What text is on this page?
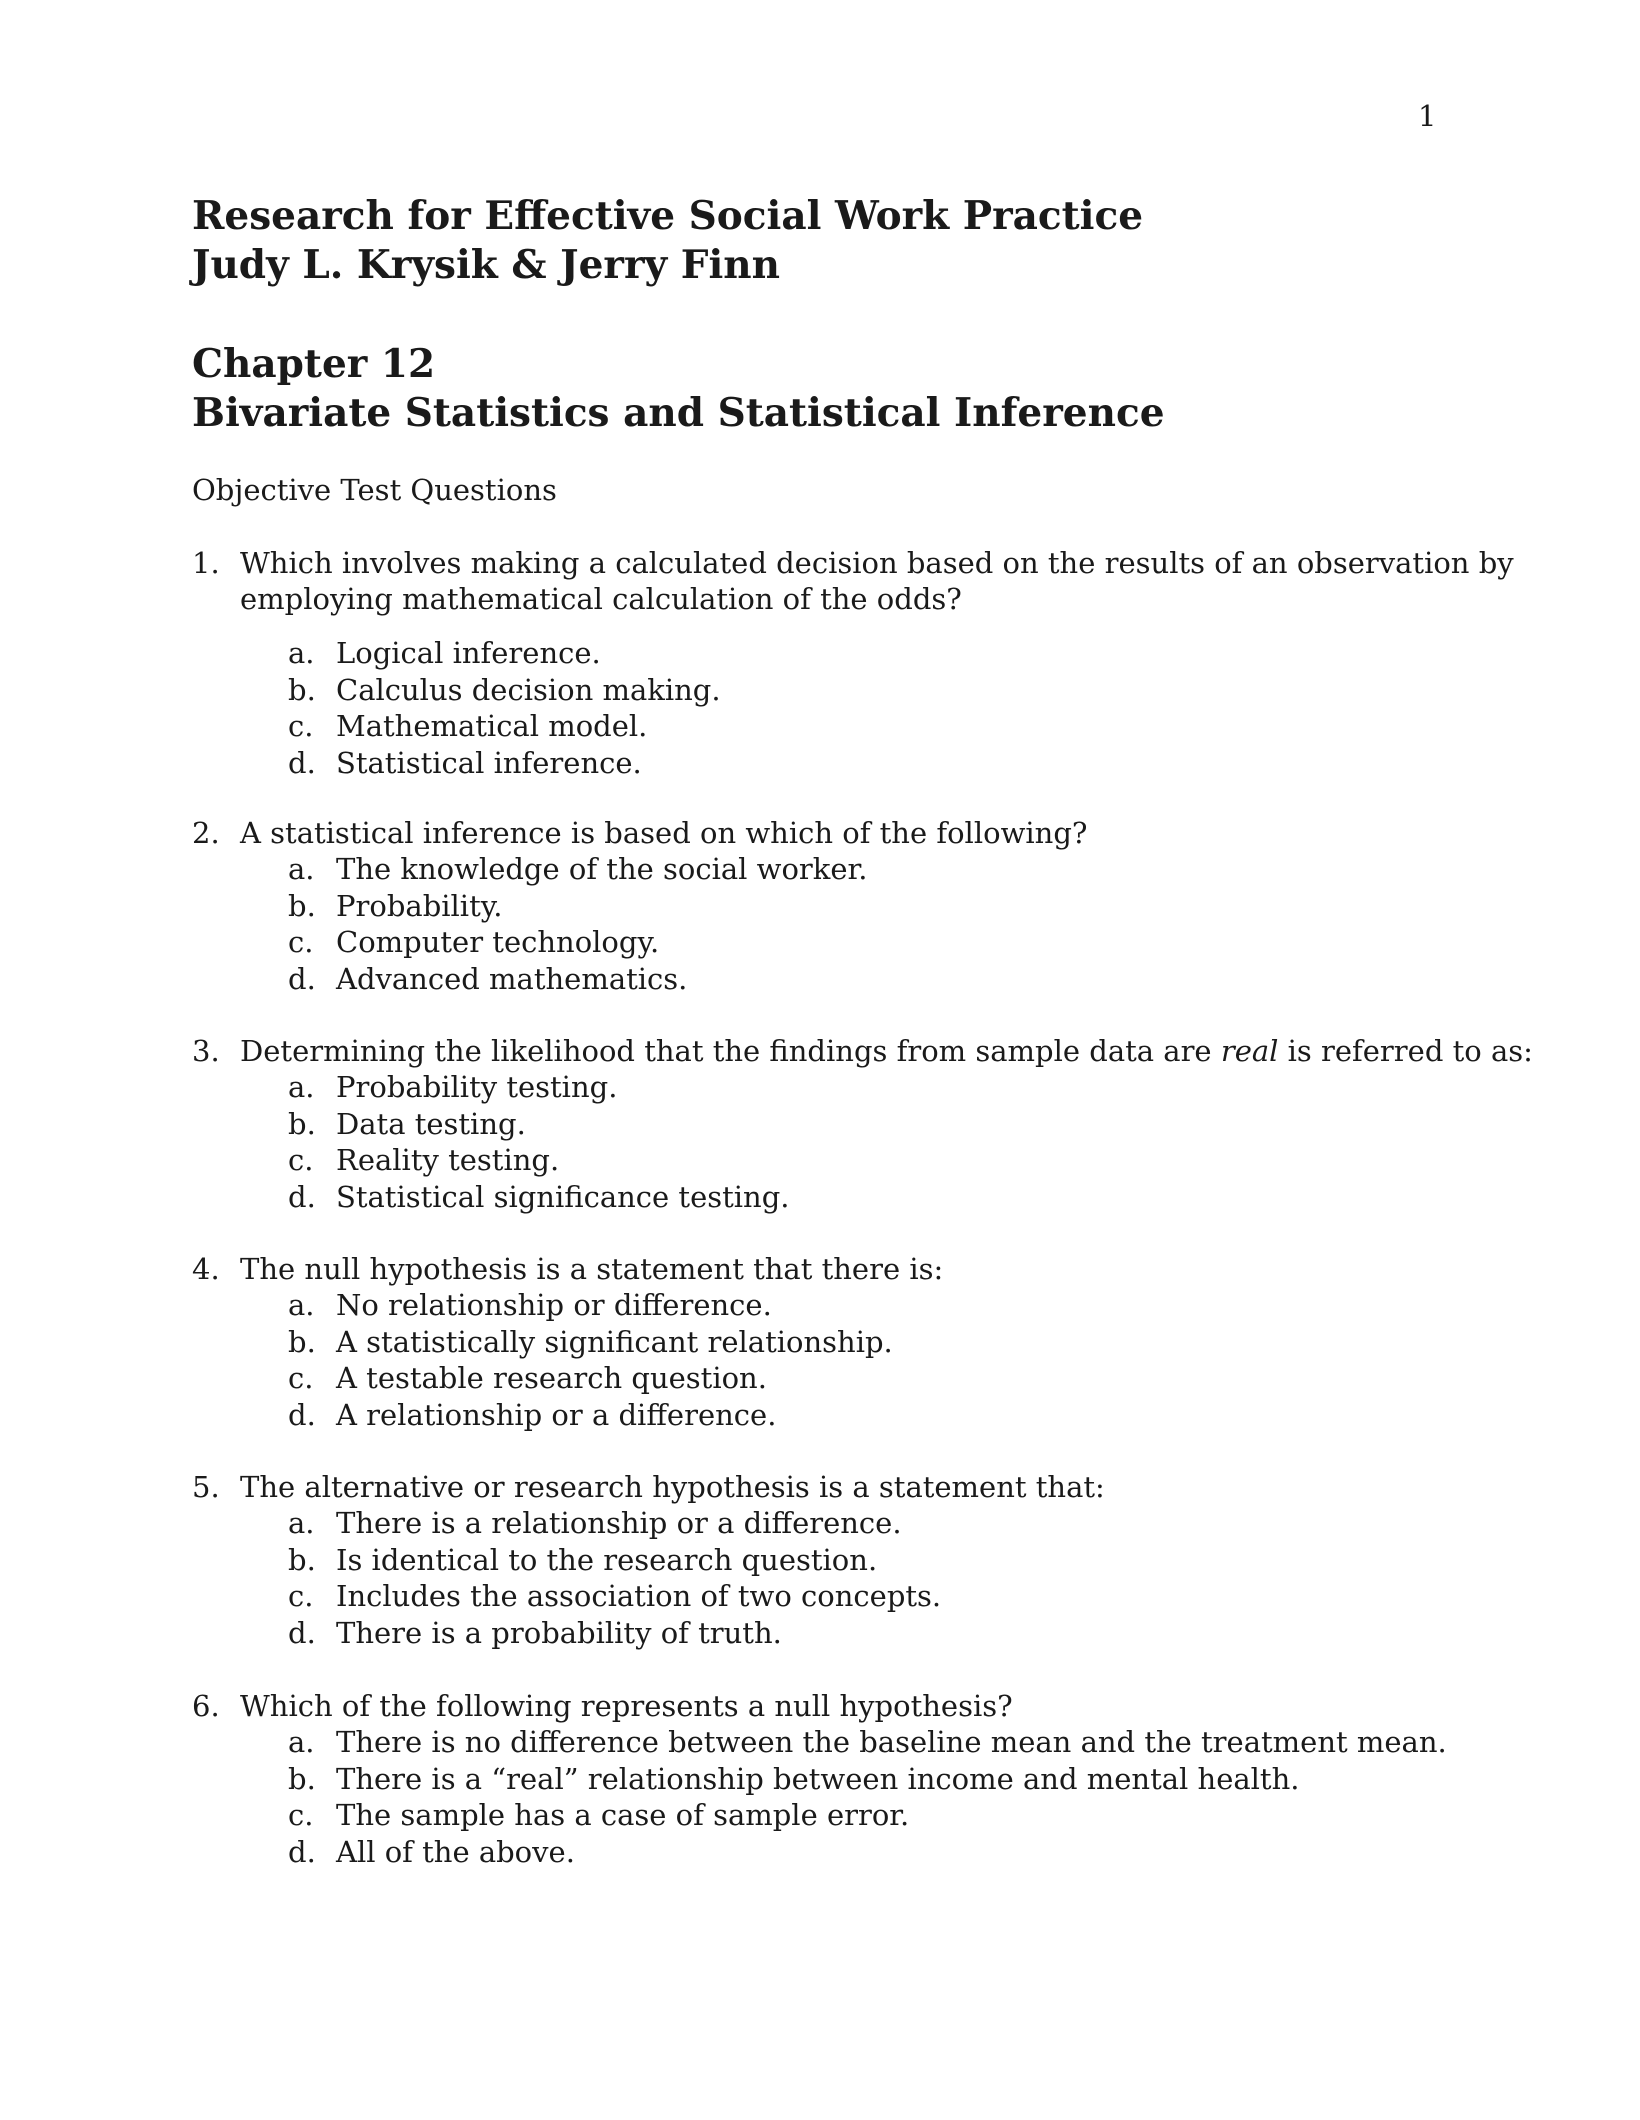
1
Research for Effective Social Work Practice
Judy L. Krysik & Jerry Finn
Chapter 12
Bivariate Statistics and Statistical Inference
Objective Test Questions
1. Which involves making a calculated decision based on the results of an observation by
employing mathematical calculation of the odds?
a. Logical inference.
b. Calculus decision making.
c. Mathematical model.
d. Statistical inference.
2. A statistical inference is based on which of the following?
a. The knowledge of the social worker.
b. Probability.
c. Computer technology.
d. Advanced mathematics.
3. Determining the likelihood that the findings from sample data are real is referred to as:
a. Probability testing.
b. Data testing.
c. Reality testing.
d. Statistical significance testing.
4. The null hypothesis is a statement that there is:
a. No relationship or difference.
b. A statistically significant relationship.
c. A testable research question.
d. A relationship or a difference.
5. The alternative or research hypothesis is a statement that:
a. There is a relationship or a difference.
b. Is identical to the research question.
c. Includes the association of two concepts.
d. There is a probability of truth.
6. Which of the following represents a null hypothesis?
a. There is no difference between the baseline mean and the treatment mean.
b. There is a “real” relationship between income and mental health.
c. The sample has a case of sample error.
d. All of the above.
